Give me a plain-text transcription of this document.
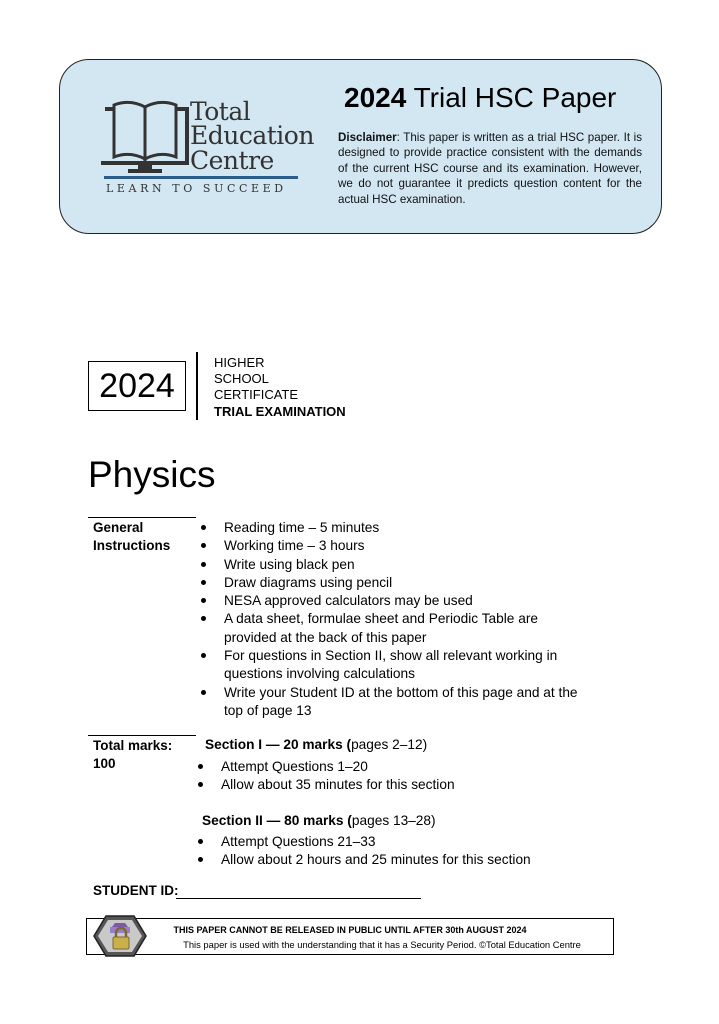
Total
Education
Centre
LEARN TO SUCCEED
2024 Trial HSC Paper
Disclaimer: This paper is written as a trial HSC paper. It is designed to provide practice consistent with the demands of the current HSC course and its examination. However, we do not guarantee it predicts question content for the actual HSC examination.
2024
HIGHER
SCHOOL
CERTIFICATE
TRIAL EXAMINATION
Physics
General
Instructions
Reading time – 5 minutes
Working time – 3 hours
Write using black pen
Draw diagrams using pencil
NESA approved calculators may be used
A data sheet, formulae sheet and Periodic Table are provided at the back of this paper
For questions in Section II, show all relevant working in questions involving calculations
Write your Student ID at the bottom of this page and at the top of page 13
Total marks:
100
Section I — 20 marks (pages 2–12)
Attempt Questions 1–20
Allow about 35 minutes for this section
Section II — 80 marks (pages 13–28)
Attempt Questions 21–33
Allow about 2 hours and 25 minutes for this section
STUDENT ID:
THIS PAPER CANNOT BE RELEASED IN PUBLIC UNTIL AFTER 30th AUGUST 2024
This paper is used with the understanding that it has a Security Period. ©Total Education Centre
